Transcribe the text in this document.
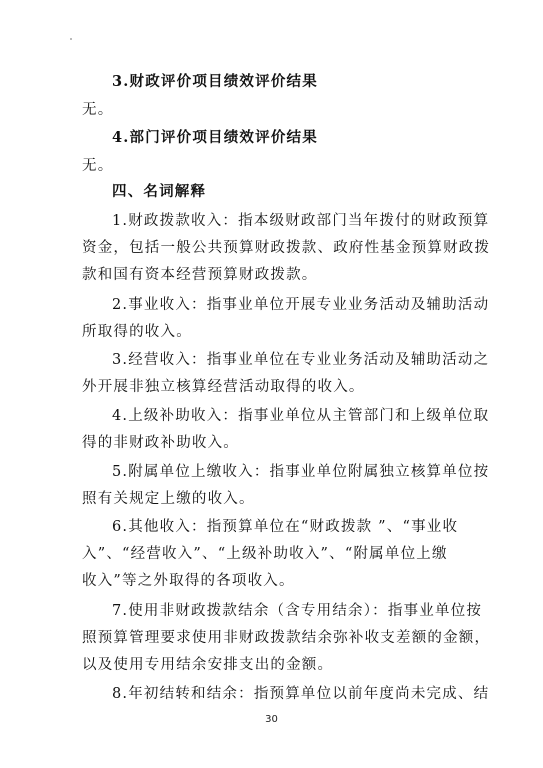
3.财政评价项目绩效评价结果
无。
4.部门评价项目绩效评价结果
无。
四、名词解释
1.财政拨款收入：指本级财政部门当年拨付的财政预算
资金，包括一般公共预算财政拨款、政府性基金预算财政拨
款和国有资本经营预算财政拨款。
2.事业收入：指事业单位开展专业业务活动及辅助活动
所取得的收入。
3.经营收入：指事业单位在专业业务活动及辅助活动之
外开展非独立核算经营活动取得的收入。
4.上级补助收入：指事业单位从主管部门和上级单位取
得的非财政补助收入。
5.附属单位上缴收入：指事业单位附属独立核算单位按
照有关规定上缴的收入。
6.其他收入：指预算单位在“财政拨款 ”、“事业收
入”、“经营收入”、“上级补助收入”、“附属单位上缴
收入”等之外取得的各项收入。
7.使用非财政拨款结余（含专用结余）：指事业单位按
照预算管理要求使用非财政拨款结余弥补收支差额的金额，
以及使用专用结余安排支出的金额。
8.年初结转和结余：指预算单位以前年度尚未完成、结
30
